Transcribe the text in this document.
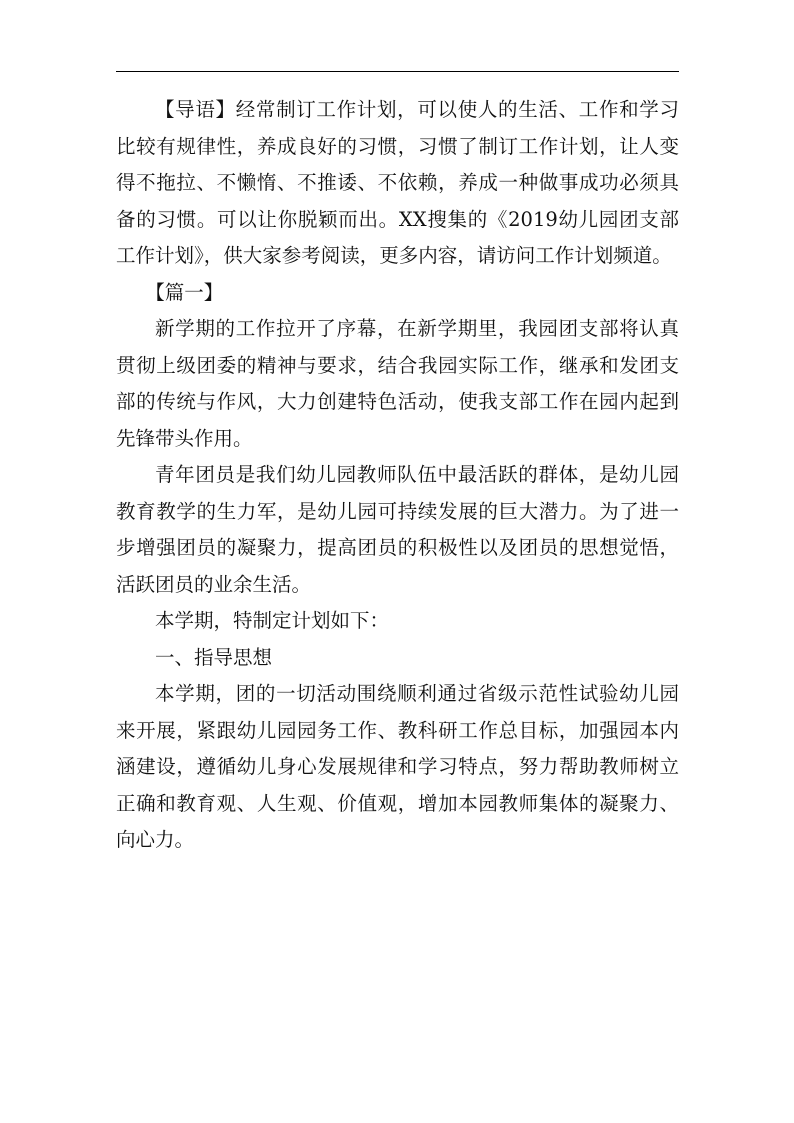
【导语】经常制订工作计划，可以使人的生活、工作和学习比较有规律性，养成良好的习惯，习惯了制订工作计划，让人变得不拖拉、不懒惰、不推诿、不依赖，养成一种做事成功必须具备的习惯。可以让你脱颖而出。XX搜集的《2019幼儿园团支部工作计划》，供大家参考阅读，更多内容，请访问工作计划频道。

【篇一】

新学期的工作拉开了序幕，在新学期里，我园团支部将认真贯彻上级团委的精神与要求，结合我园实际工作，继承和发团支部的传统与作风，大力创建特色活动，使我支部工作在园内起到先锋带头作用。

青年团员是我们幼儿园教师队伍中最活跃的群体，是幼儿园教育教学的生力军，是幼儿园可持续发展的巨大潜力。为了进一步增强团员的凝聚力，提高团员的积极性以及团员的思想觉悟，活跃团员的业余生活。

本学期，特制定计划如下：

一、指导思想

本学期，团的一切活动围绕顺利通过省级示范性试验幼儿园来开展，紧跟幼儿园园务工作、教科研工作总目标，加强园本内涵建设，遵循幼儿身心发展规律和学习特点，努力帮助教师树立正确和教育观、人生观、价值观，增加本园教师集体的凝聚力、向心力。
